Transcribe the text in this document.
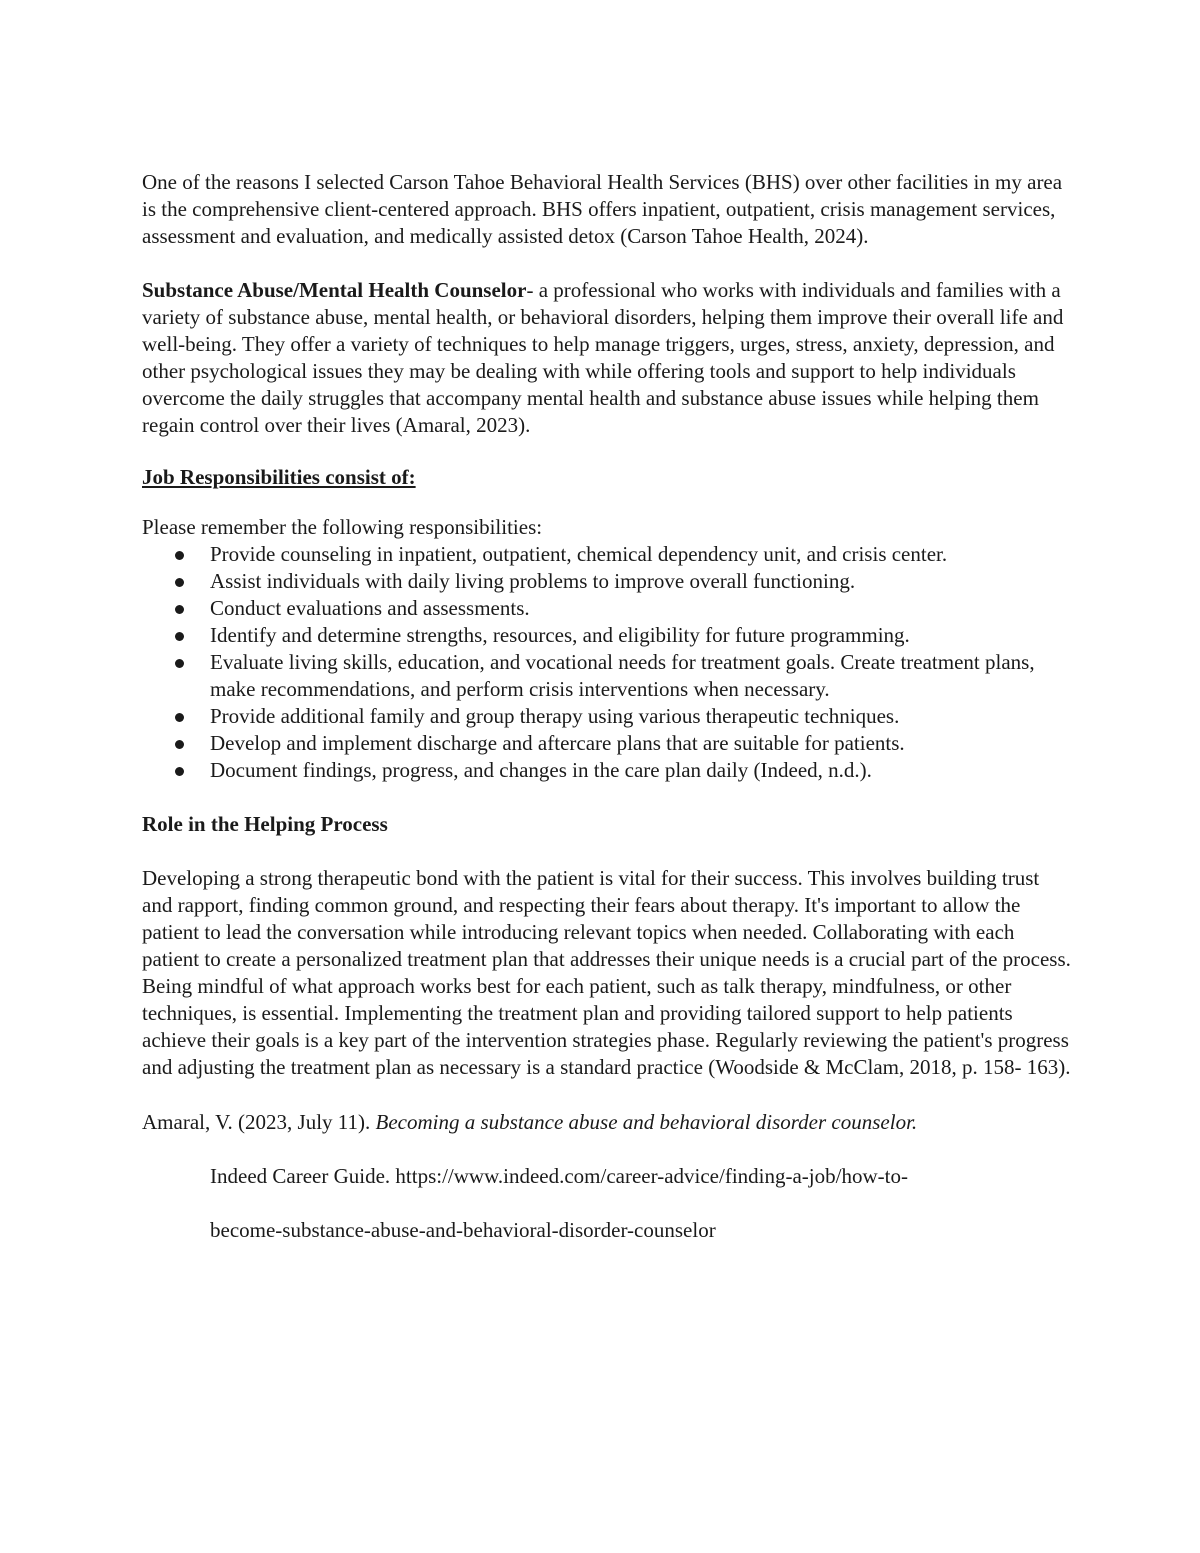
One of the reasons I selected Carson Tahoe Behavioral Health Services (BHS) over other facilities in my area is the comprehensive client-centered approach. BHS offers inpatient, outpatient, crisis management services, assessment and evaluation, and medically assisted detox (Carson Tahoe Health, 2024).

Substance Abuse/Mental Health Counselor- a professional who works with individuals and families with a variety of substance abuse, mental health, or behavioral disorders, helping them improve their overall life and well-being. They offer a variety of techniques to help manage triggers, urges, stress, anxiety, depression, and other psychological issues they may be dealing with while offering tools and support to help individuals overcome the daily struggles that accompany mental health and substance abuse issues while helping them regain control over their lives (Amaral, 2023).

Job Responsibilities consist of:

Please remember the following responsibilities:

Provide counseling in inpatient, outpatient, chemical dependency unit, and crisis center.
Assist individuals with daily living problems to improve overall functioning.
Conduct evaluations and assessments.
Identify and determine strengths, resources, and eligibility for future programming.
Evaluate living skills, education, and vocational needs for treatment goals. Create treatment plans, make recommendations, and perform crisis interventions when necessary.
Provide additional family and group therapy using various therapeutic techniques.
Develop and implement discharge and aftercare plans that are suitable for patients.
Document findings, progress, and changes in the care plan daily (Indeed, n.d.).

Role in the Helping Process

Developing a strong therapeutic bond with the patient is vital for their success. This involves building trust and rapport, finding common ground, and respecting their fears about therapy. It's important to allow the patient to lead the conversation while introducing relevant topics when needed. Collaborating with each patient to create a personalized treatment plan that addresses their unique needs is a crucial part of the process. Being mindful of what approach works best for each patient, such as talk therapy, mindfulness, or other techniques, is essential. Implementing the treatment plan and providing tailored support to help patients achieve their goals is a key part of the intervention strategies phase. Regularly reviewing the patient's progress and adjusting the treatment plan as necessary is a standard practice (Woodside & McClam, 2018, p. 158- 163).

Amaral, V. (2023, July 11). Becoming a substance abuse and behavioral disorder counselor.

Indeed Career Guide. https://www.indeed.com/career-advice/finding-a-job/how-to-

become-substance-abuse-and-behavioral-disorder-counselor
